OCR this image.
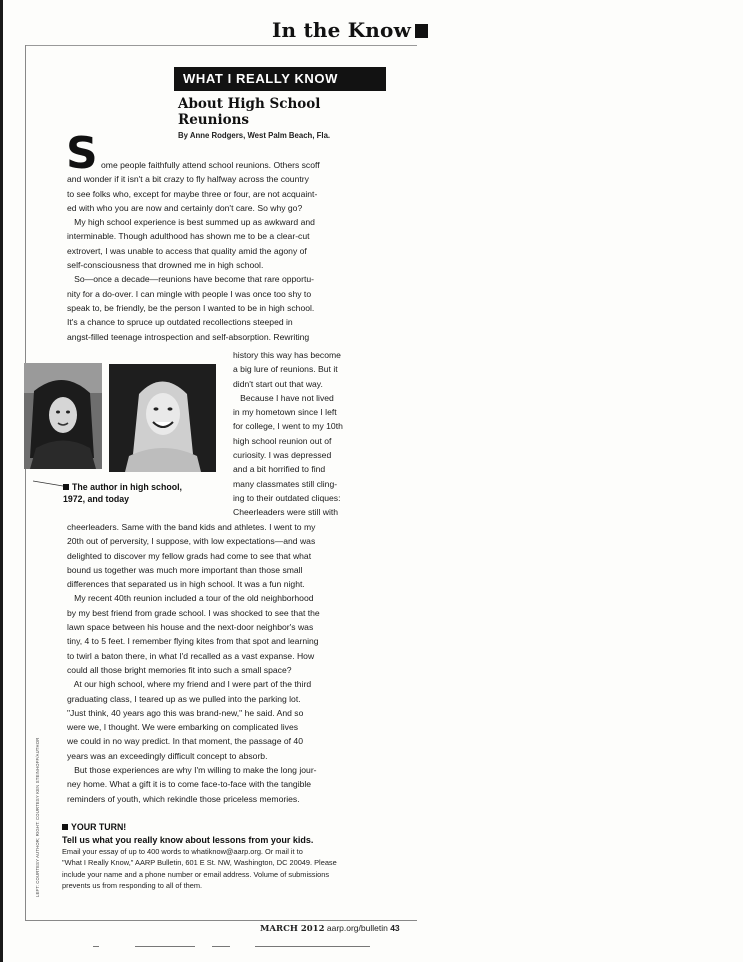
In the Know
WHAT I REALLY KNOW
About High School Reunions
By Anne Rodgers, West Palm Beach, Fla.
S ome people faithfully attend school reunions. Others scoff

and wonder if it isn't a bit crazy to fly halfway across the country

to see folks who, except for maybe three or four, are not acquaint-

ed with who you are now and certainly don't care. So why go?

My high school experience is best summed up as awkward and

interminable. Though adulthood has shown me to be a clear-cut

extrovert, I was unable to access that quality amid the agony of

self-consciousness that drowned me in high school.

So—once a decade—reunions have become that rare opportu-

nity for a do-over. I can mingle with people I was once too shy to

speak to, be friendly, be the person I wanted to be in high school.

It's a chance to spruce up outdated recollections steeped in

angst-filled teenage introspection and self-absorption. Rewriting

The author in high school,
1972, and today

history this way has become

a big lure of reunions. But it

didn't start out that way.

Because I have not lived

in my hometown since I left

for college, I went to my 10th

high school reunion out of

curiosity. I was depressed

and a bit horrified to find

many classmates still cling-

ing to their outdated cliques:

Cheerleaders were still with

cheerleaders. Same with the band kids and athletes. I went to my

20th out of perversity, I suppose, with low expectations—and was

delighted to discover my fellow grads had come to see that what

bound us together was much more important than those small

differences that separated us in high school. It was a fun night.

My recent 40th reunion included a tour of the old neighborhood

by my best friend from grade school. I was shocked to see that the

lawn space between his house and the next-door neighbor's was

tiny, 4 to 5 feet. I remember flying kites from that spot and learning

to twirl a baton there, in what I'd recalled as a vast expanse. How

could all those bright memories fit into such a small space?

At our high school, where my friend and I were part of the third

graduating class, I teared up as we pulled into the parking lot.

"Just think, 40 years ago this was brand-new," he said. And so

were we, I thought. We were embarking on complicated lives

we could in no way predict. In that moment, the passage of 40

years was an exceedingly difficult concept to absorb.

But those experiences are why I'm willing to make the long jour-

ney home. What a gift it is to come face-to-face with the tangible

reminders of youth, which rekindle those priceless memories.

YOUR TURN!
Tell us what you really know about lessons from your kids.

Email your essay of up to 400 words to whatiknow@aarp.org. Or mail it to

"What I Really Know," AARP Bulletin, 601 E St. NW, Washington, DC 20049. Please

include your name and a phone number or email address. Volume of submissions

prevents us from responding to all of them.

LEFT: COURTESY AUTHOR; RIGHT: COURTESY KEN STEINHOFF/AUTHOR
MARCH 2012 aarp.org/bulletin 43
